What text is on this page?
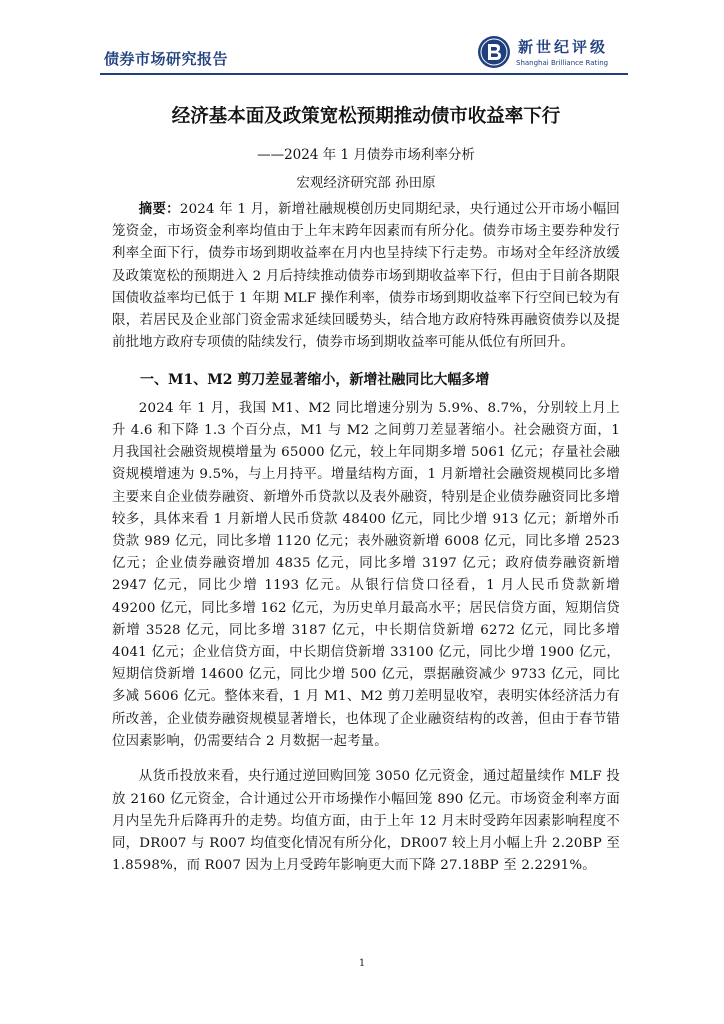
债券市场研究报告
新世纪评级
Shanghai Brilliance Rating
经济基本面及政策宽松预期推动债市收益率下行
——2024 年 1 月债券市场利率分析
宏观经济研究部 孙田原

摘要：2024 年 1 月，新增社融规模创历史同期纪录，央行通过公开市场小幅回笼资金，市场资金利率均值由于上年末跨年因素而有所分化。债券市场主要券种发行利率全面下行，债券市场到期收益率在月内也呈持续下行走势。市场对全年经济放缓及政策宽松的预期进入 2 月后持续推动债券市场到期收益率下行，但由于目前各期限国债收益率均已低于 1 年期 MLF 操作利率，债券市场到期收益率下行空间已较为有限，若居民及企业部门资金需求延续回暖势头，结合地方政府特殊再融资债券以及提前批地方政府专项债的陆续发行，债券市场到期收益率可能从低位有所回升。

一、M1、M2 剪刀差显著缩小，新增社融同比大幅多增

2024 年 1 月，我国 M1、M2 同比增速分别为 5.9%、8.7%，分别较上月上升 4.6 和下降 1.3 个百分点，M1 与 M2 之间剪刀差显著缩小。社会融资方面，1 月我国社会融资规模增量为 65000 亿元，较上年同期多增 5061 亿元；存量社会融资规模增速为 9.5%，与上月持平。增量结构方面，1 月新增社会融资规模同比多增主要来自企业债券融资、新增外币贷款以及表外融资，特别是企业债券融资同比多增较多，具体来看 1 月新增人民币贷款 48400 亿元，同比少增 913 亿元；新增外币贷款 989 亿元，同比多增 1120 亿元；表外融资新增 6008 亿元，同比多增 2523 亿元；企业债券融资增加 4835 亿元，同比多增 3197 亿元；政府债券融资新增 2947 亿元，同比少增 1193 亿元。从银行信贷口径看，1 月人民币贷款新增 49200 亿元，同比多增 162 亿元，为历史单月最高水平；居民信贷方面，短期信贷新增 3528 亿元，同比多增 3187 亿元，中长期信贷新增 6272 亿元，同比多增 4041 亿元；企业信贷方面，中长期信贷新增 33100 亿元，同比少增 1900 亿元，短期信贷新增 14600 亿元，同比少增 500 亿元，票据融资减少 9733 亿元，同比多减 5606 亿元。整体来看，1 月 M1、M2 剪刀差明显收窄，表明实体经济活力有所改善，企业债券融资规模显著增长，也体现了企业融资结构的改善，但由于春节错位因素影响，仍需要结合 2 月数据一起考量。

从货币投放来看，央行通过逆回购回笼 3050 亿元资金，通过超量续作 MLF 投放 2160 亿元资金，合计通过公开市场操作小幅回笼 890 亿元。市场资金利率方面月内呈先升后降再升的走势。均值方面，由于上年 12 月末时受跨年因素影响程度不同，DR007 与 R007 均值变化情况有所分化，DR007 较上月小幅上升 2.20BP 至 1.8598%，而 R007 因为上月受跨年影响更大而下降 27.18BP 至 2.2291%。

1
